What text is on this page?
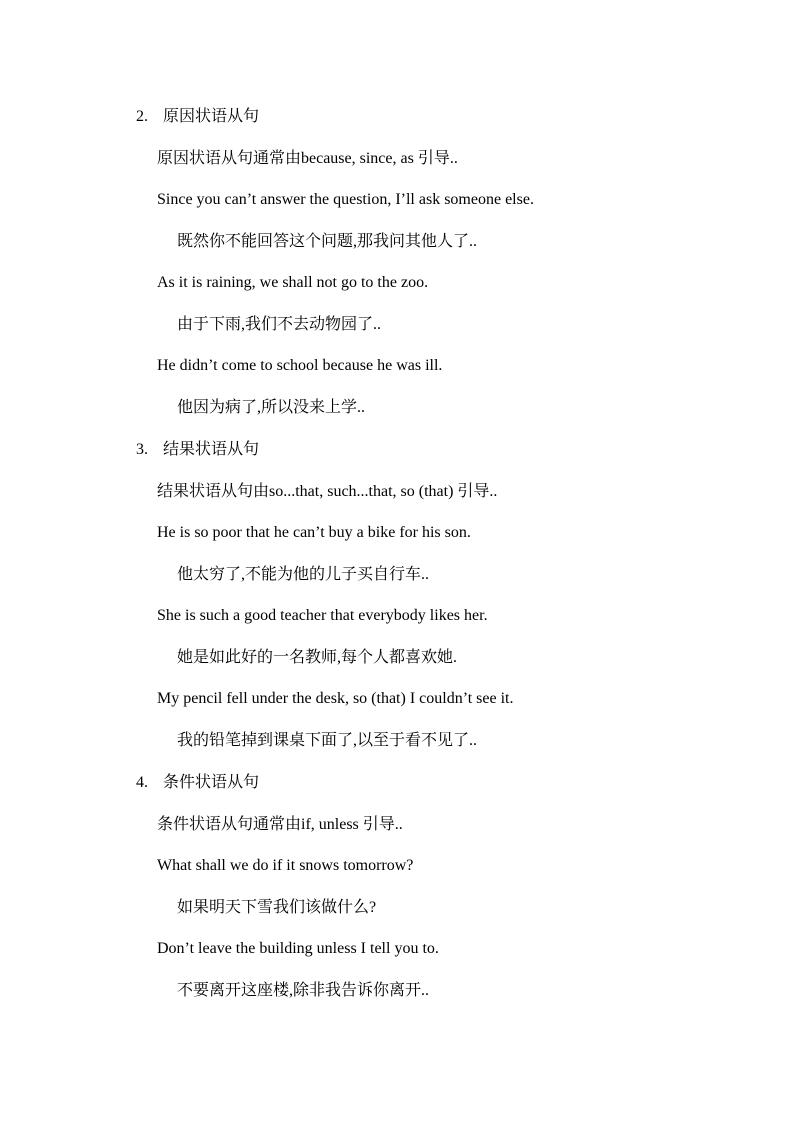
2. 原因状语从句
原因状语从句通常由because, since, as 引导..
Since you can’t answer the question, I’ll ask someone else.
既然你不能回答这个问题,那我问其他人了..
As it is raining, we shall not go to the zoo.
由于下雨,我们不去动物园了..
He didn’t come to school because he was ill.
他因为病了,所以没来上学..
3. 结果状语从句
结果状语从句由so...that, such...that, so (that) 引导..
He is so poor that he can’t buy a bike for his son.
他太穷了,不能为他的儿子买自行车..
She is such a good teacher that everybody likes her.
她是如此好的一名教师,每个人都喜欢她.
My pencil fell under the desk, so (that) I couldn’t see it.
我的铅笔掉到课桌下面了,以至于看不见了..
4. 条件状语从句
条件状语从句通常由if, unless 引导..
What shall we do if it snows tomorrow?
如果明天下雪我们该做什么?
Don’t leave the building unless I tell you to.
不要离开这座楼,除非我告诉你离开..
